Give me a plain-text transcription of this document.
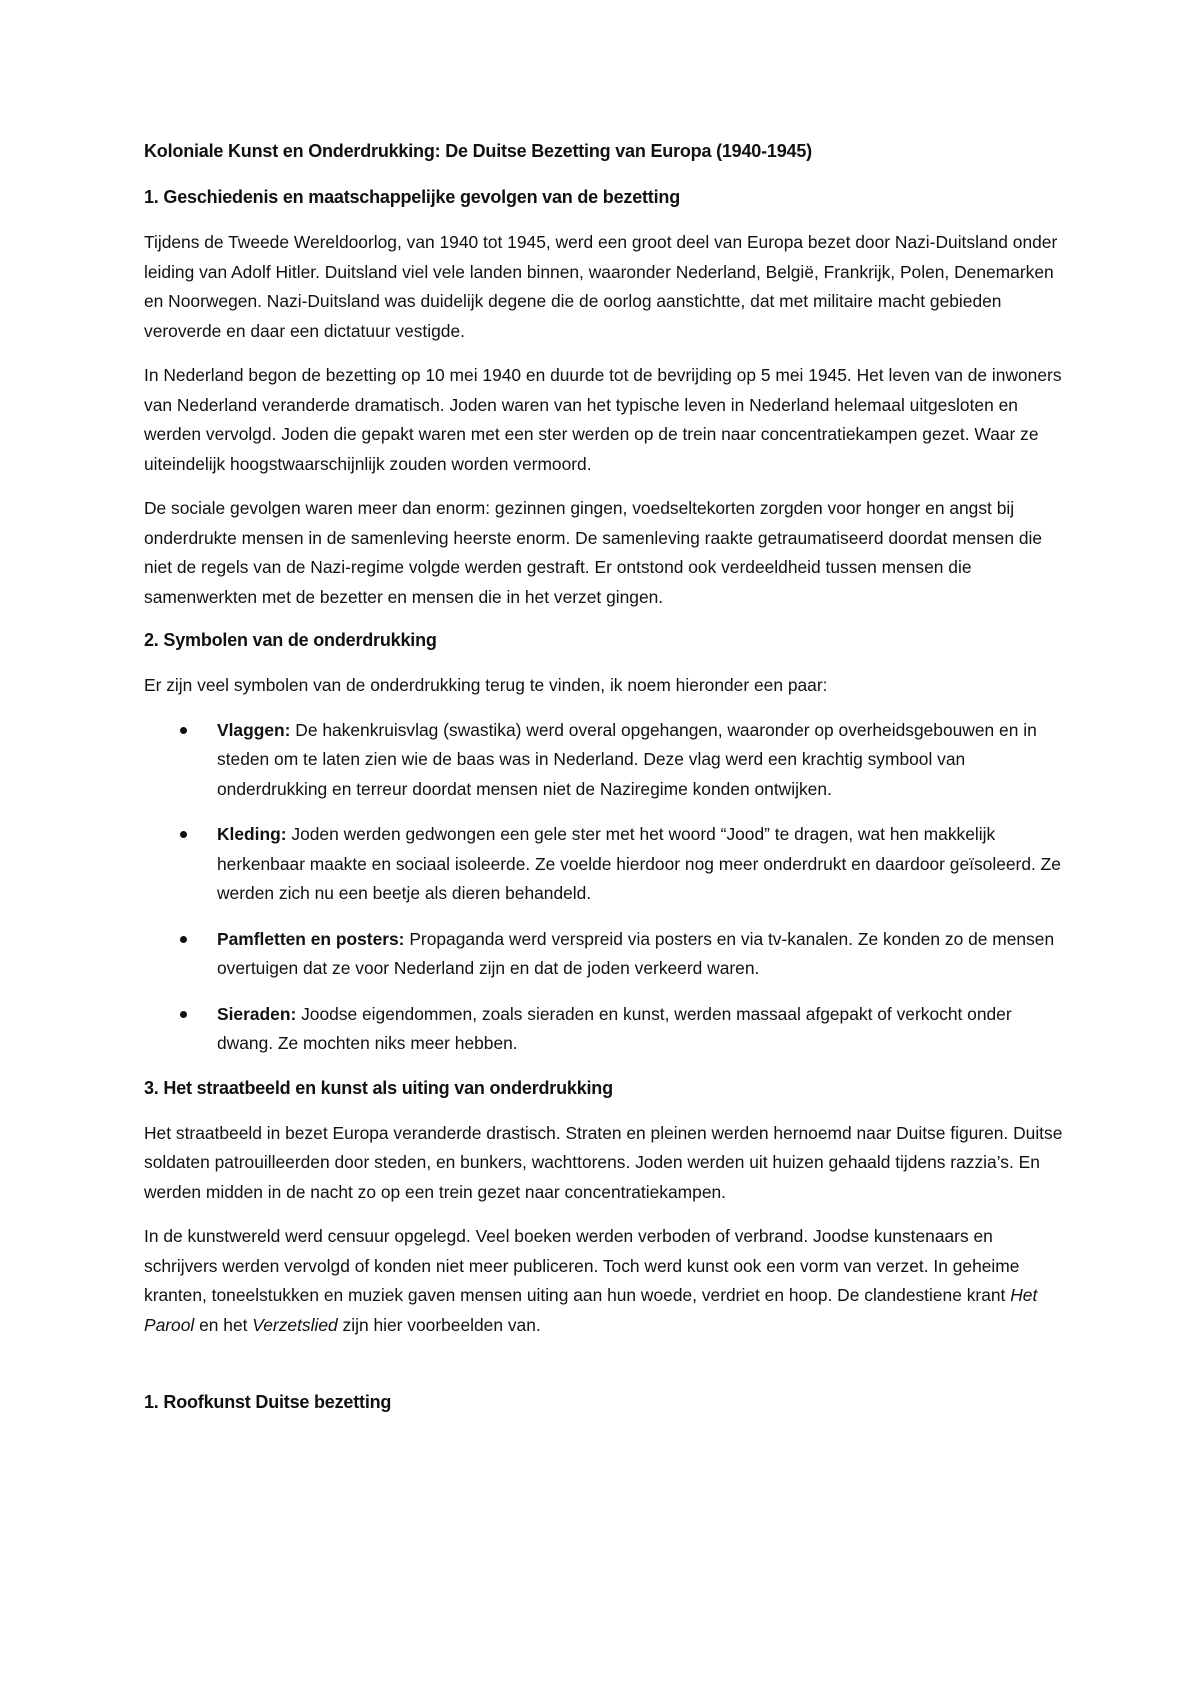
Koloniale Kunst en Onderdrukking: De Duitse Bezetting van Europa (1940-1945)
1. Geschiedenis en maatschappelijke gevolgen van de bezetting

Tijdens de Tweede Wereldoorlog, van 1940 tot 1945, werd een groot deel van Europa bezet door Nazi-Duitsland onder leiding van Adolf Hitler. Duitsland viel vele landen binnen, waaronder Nederland, België, Frankrijk, Polen, Denemarken en Noorwegen. Nazi-Duitsland was duidelijk degene die de oorlog aanstichtte, dat met militaire macht gebieden veroverde en daar een dictatuur vestigde.

In Nederland begon de bezetting op 10 mei 1940 en duurde tot de bevrijding op 5 mei 1945. Het leven van de inwoners van Nederland veranderde dramatisch. Joden waren van het typische leven in Nederland helemaal uitgesloten en werden vervolgd. Joden die gepakt waren met een ster werden op de trein naar concentratiekampen gezet. Waar ze uiteindelijk hoogstwaarschijnlijk zouden worden vermoord.

De sociale gevolgen waren meer dan enorm: gezinnen gingen, voedseltekorten zorgden voor honger en angst bij onderdrukte mensen in de samenleving heerste enorm. De samenleving raakte getraumatiseerd doordat mensen die niet de regels van de Nazi-regime volgde werden gestraft. Er ontstond ook verdeeldheid tussen mensen die samenwerkten met de bezetter en mensen die in het verzet gingen.

2. Symbolen van de onderdrukking

Er zijn veel symbolen van de onderdrukking terug te vinden, ik noem hieronder een paar:

Vlaggen: De hakenkruisvlag (swastika) werd overal opgehangen, waaronder op overheidsgebouwen en in steden om te laten zien wie de baas was in Nederland. Deze vlag werd een krachtig symbool van onderdrukking en terreur doordat mensen niet de Naziregime konden ontwijken.
Kleding: Joden werden gedwongen een gele ster met het woord “Jood” te dragen, wat hen makkelijk herkenbaar maakte en sociaal isoleerde. Ze voelde hierdoor nog meer onderdrukt en daardoor geïsoleerd. Ze werden zich nu een beetje als dieren behandeld.
Pamfletten en posters: Propaganda werd verspreid via posters en via tv-kanalen. Ze konden zo de mensen overtuigen dat ze voor Nederland zijn en dat de joden verkeerd waren.
Sieraden: Joodse eigendommen, zoals sieraden en kunst, werden massaal afgepakt of verkocht onder dwang. Ze mochten niks meer hebben.
3. Het straatbeeld en kunst als uiting van onderdrukking

Het straatbeeld in bezet Europa veranderde drastisch. Straten en pleinen werden hernoemd naar Duitse figuren. Duitse soldaten patrouilleerden door steden, en bunkers, wachttorens. Joden werden uit huizen gehaald tijdens razzia’s. En werden midden in de nacht zo op een trein gezet naar concentratiekampen.

In de kunstwereld werd censuur opgelegd. Veel boeken werden verboden of verbrand. Joodse kunstenaars en schrijvers werden vervolgd of konden niet meer publiceren. Toch werd kunst ook een vorm van verzet. In geheime kranten, toneelstukken en muziek gaven mensen uiting aan hun woede, verdriet en hoop. De clandestiene krant Het Parool en het Verzetslied zijn hier voorbeelden van.

1. Roofkunst Duitse bezetting
